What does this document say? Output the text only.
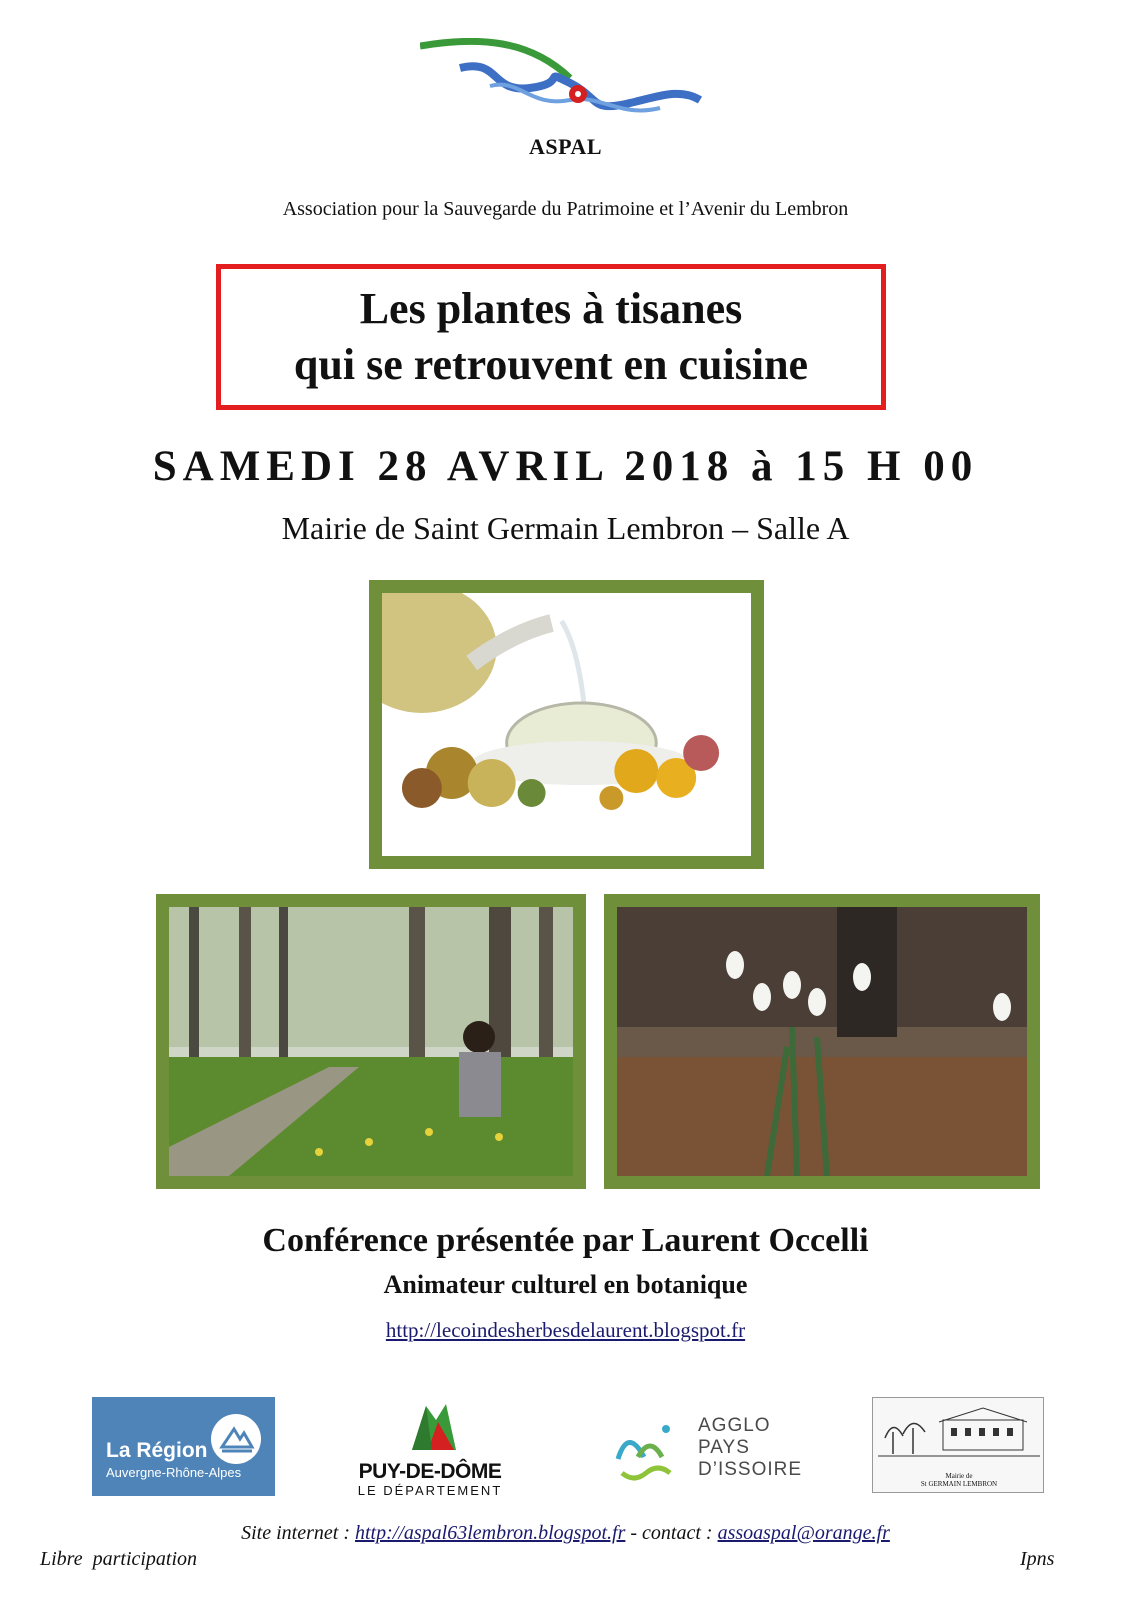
ASPAL
Association pour la Sauvegarde du Patrimoine et l’Avenir du Lembron
Les plantes à tisanes
qui se retrouvent en cuisine
SAMEDI 28 AVRIL 2018 à 15 H 00
Mairie de Saint Germain Lembron – Salle A
Conférence présentée par Laurent Occelli
Animateur culturel en botanique
http://lecoindesherbesdelaurent.blogspot.fr
La Région
Auvergne-Rhône-Alpes	PUY-DE-DÔME
LE DÉPARTEMENT
AGGLO
PAYS
D’ISSOIRE	Mairie de
St GERMAIN LEMBRON
Site internet : http://aspal63lembron.blogspot.fr - contact : assoaspal@orange.fr
Libre  participation	Ipns
